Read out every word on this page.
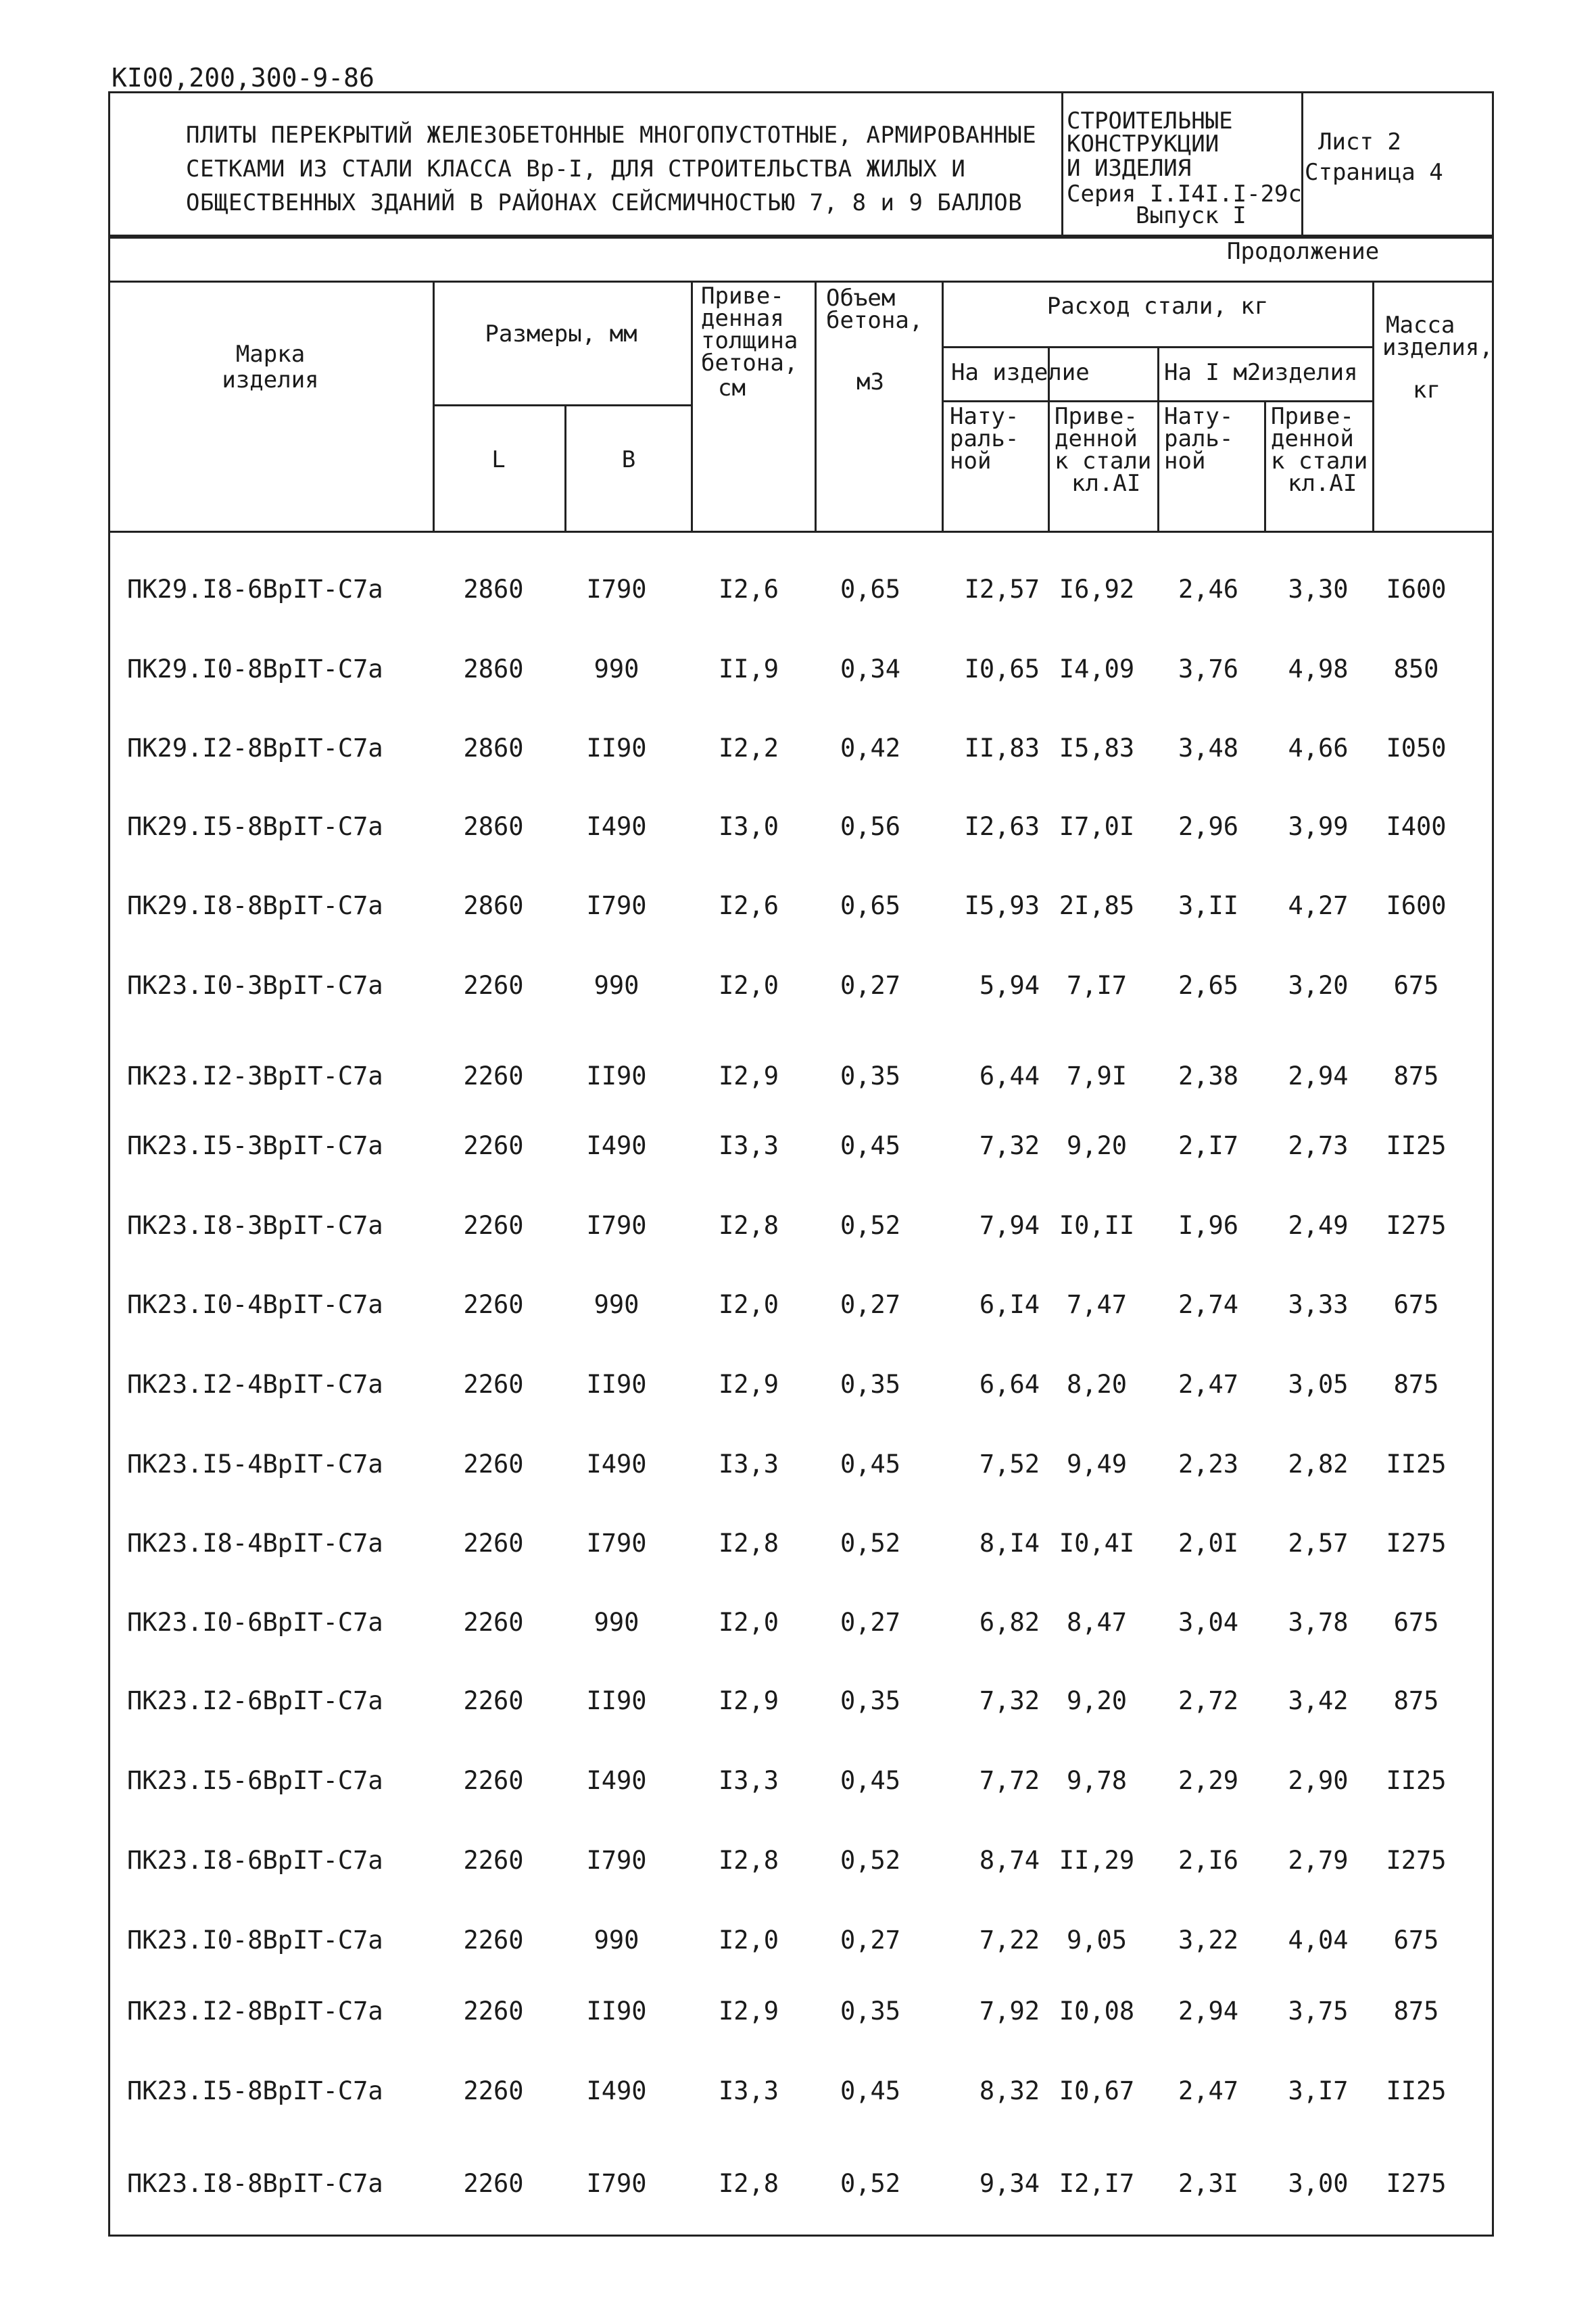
KI00,200,300-9-86
ПЛИТЫ ПЕРЕКРЫТИЙ ЖЕЛЕЗОБЕТОННЫЕ МНОГОПУСТОТНЫЕ, АРМИРОВАННЫЕ
СЕТКАМИ ИЗ СТАЛИ КЛАССА Вр-I, ДЛЯ СТРОИТЕЛЬСТВА ЖИЛЫХ И
ОБЩЕСТВЕННЫХ ЗДАНИЙ В РАЙОНАХ СЕЙСМИЧНОСТЬЮ 7, 8 и 9 БАЛЛОВ
СТРОИТЕЛЬНЫЕ
КОНСТРУКЦИИ
И ИЗДЕЛИЯ
Серия I.I4I.I-29с
Выпуск I
Лист 2
Страница 4
Продолжение
Марка
изделия
Размеры, мм
L	B
Приве-
денная
толщина
бетона,
см
Объем
бетона,
м3
Расход стали, кг
На изделие	На I м2изделия
Нату-
раль-
ной
Приве-
денной
к стали
кл.АI
Нату-
раль-
ной
Приве-
денной
к стали
кл.АI
Масса
изделия,
кг
ПК29.I8-6ВрIТ-С7а	2860	I790	I2,6	0,65	I2,57 I6,92	2,46	3,30	I600
ПК29.I0-8ВрIТ-С7а	2860	990	II,9	0,34	I0,65 I4,09	3,76	4,98	850
ПК29.I2-8ВрIТ-С7а	2860	II90	I2,2	0,42	II,83 I5,83	3,48	4,66	I050
ПК29.I5-8ВрIТ-С7а	2860	I490	I3,0	0,56	I2,63 I7,0I	2,96	3,99	I400
ПК29.I8-8ВрIТ-С7а	2860	I790	I2,6	0,65	I5,93 2I,85	3,II	4,27	I600
ПК23.I0-3ВрIТ-С7а	2260	990	I2,0	0,27	5,94	7,I7	2,65	3,20	675
ПК23.I2-3ВрIТ-С7а	2260	II90	I2,9	0,35	6,44	7,9I	2,38	2,94	875
ПК23.I5-3ВрIТ-С7а	2260	I490	I3,3	0,45	7,32	9,20	2,I7	2,73	II25
ПК23.I8-3ВрIТ-С7а	2260	I790	I2,8	0,52	7,94 I0,II	I,96	2,49	I275
ПК23.I0-4ВрIТ-С7а	2260	990	I2,0	0,27	6,I4	7,47	2,74	3,33	675
ПК23.I2-4ВрIТ-С7а	2260	II90	I2,9	0,35	6,64	8,20	2,47	3,05	875
ПК23.I5-4ВрIТ-С7а	2260	I490	I3,3	0,45	7,52	9,49	2,23	2,82	II25
ПК23.I8-4ВрIТ-С7а	2260	I790	I2,8	0,52	8,I4 I0,4I	2,0I	2,57	I275
ПК23.I0-6ВрIТ-С7а	2260	990	I2,0	0,27	6,82	8,47	3,04	3,78	675
ПК23.I2-6ВрIТ-С7а	2260	II90	I2,9	0,35	7,32	9,20	2,72	3,42	875
ПК23.I5-6ВрIТ-С7а	2260	I490	I3,3	0,45	7,72	9,78	2,29	2,90	II25
ПК23.I8-6ВрIТ-С7а	2260	I790	I2,8	0,52	8,74 II,29	2,I6	2,79	I275
ПК23.I0-8ВрIТ-С7а	2260	990	I2,0	0,27	7,22	9,05	3,22	4,04	675
ПК23.I2-8ВрIТ-С7а	2260	II90	I2,9	0,35	7,92 I0,08	2,94	3,75	875
ПК23.I5-8ВрIТ-С7а	2260	I490	I3,3	0,45	8,32 I0,67	2,47	3,I7	II25
ПК23.I8-8ВрIТ-С7а	2260	I790	I2,8	0,52	9,34 I2,I7	2,3I	3,00	I275
